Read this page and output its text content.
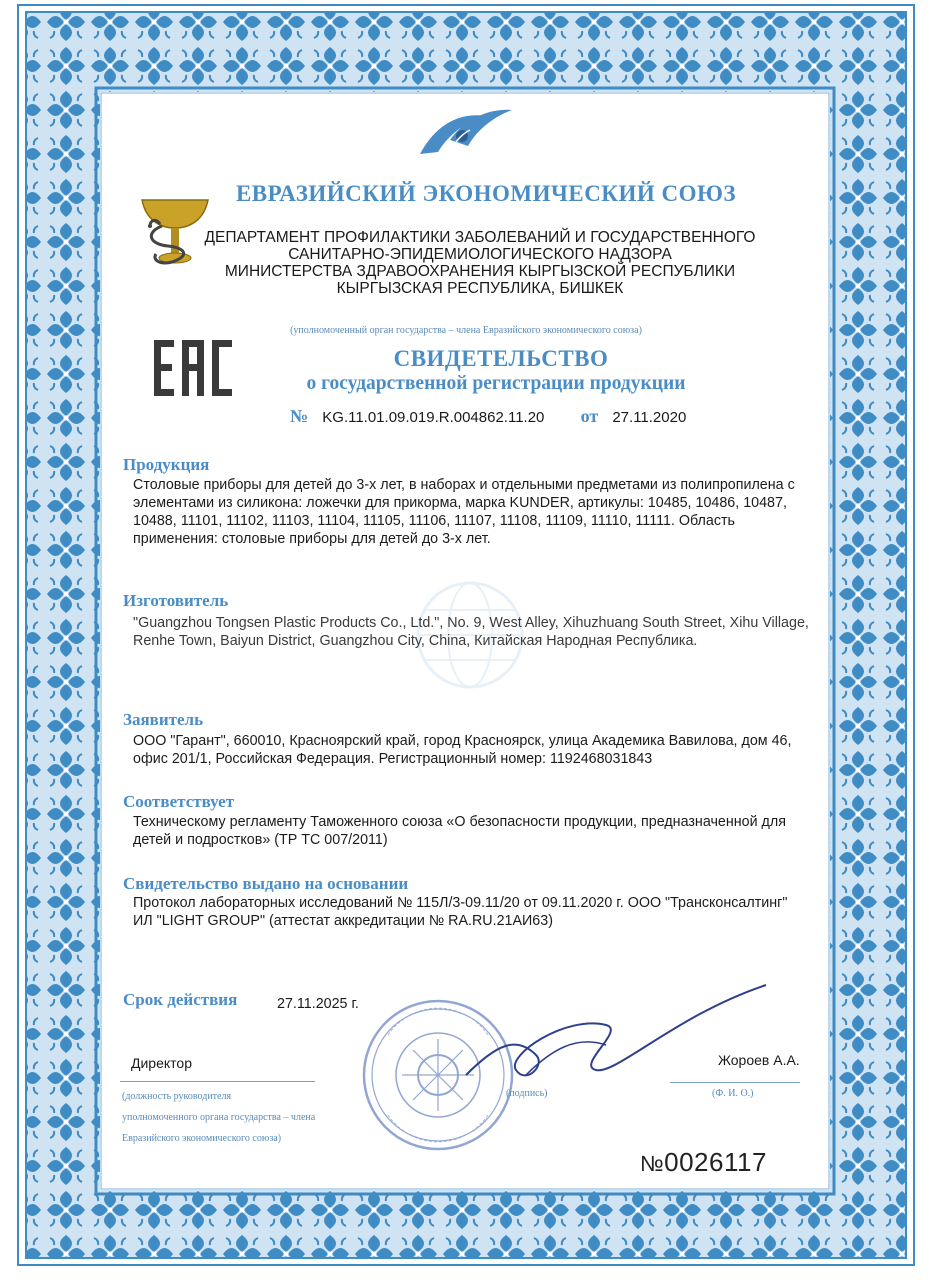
ЕВРАЗИЙСКИЙ ЭКОНОМИЧЕСКИЙ СОЮЗ
ДЕПАРТАМЕНТ ПРОФИЛАКТИКИ ЗАБОЛЕВАНИЙ И ГОСУДАРСТВЕННОГО
САНИТАРНО-ЭПИДЕМИОЛОГИЧЕСКОГО НАДЗОРА
МИНИСТЕРСТВА ЗДРАВООХРАНЕНИЯ КЫРГЫЗСКОЙ РЕСПУБЛИКИ
КЫРГЫЗСКАЯ РЕСПУБЛИКА, БИШКЕК
(уполномоченный орган государства – члена Евразийского экономического союза)
СВИДЕТЕЛЬСТВО
о государственной регистрации продукции
№ KG.11.01.09.019.R.004862.11.20 от 27.11.2020
Продукция
Столовые приборы для детей до 3-х лет, в наборах и отдельными предметами из полипропилена с элементами из силикона: ложечки для прикорма, марка KUNDER, артикулы: 10485, 10486, 10487, 10488, 11101, 11102, 11103, 11104, 11105, 11106, 11107, 11108, 11109, 11110, 11111. Область применения: столовые приборы для детей до 3-х лет.
Изготовитель
"Guangzhou Tongsen Plastic Products Co., Ltd.", No. 9, West Alley, Xihuzhuang South Street, Xihu Village, Renhe Town, Baiyun District, Guangzhou City, China, Китайская Народная Республика.
Заявитель
ООО "Гарант", 660010, Красноярский край, город Красноярск, улица Академика Вавилова, дом 46, офис 201/1, Российская Федерация. Регистрационный номер: 1192468031843
Соответствует
Техническому регламенту Таможенного союза «О безопасности продукции, предназначенной для детей и подростков» (ТР ТС 007/2011)
Свидетельство выдано на основании
Протокол лабораторных исследований № 115Л/3-09.11/20 от 09.11.2020 г. ООО "Трансконсалтинг" ИЛ "LIGHT GROUP" (аттестат аккредитации № RA.RU.21АИ63)
Срок действия	27.11.2025 г.
Директор
(должность руководителя
уполномоченного органа государства – члена
Евразийского экономического союза)
(подпись)
Жороев А.А.
(Ф. И. О.)
№0026117
